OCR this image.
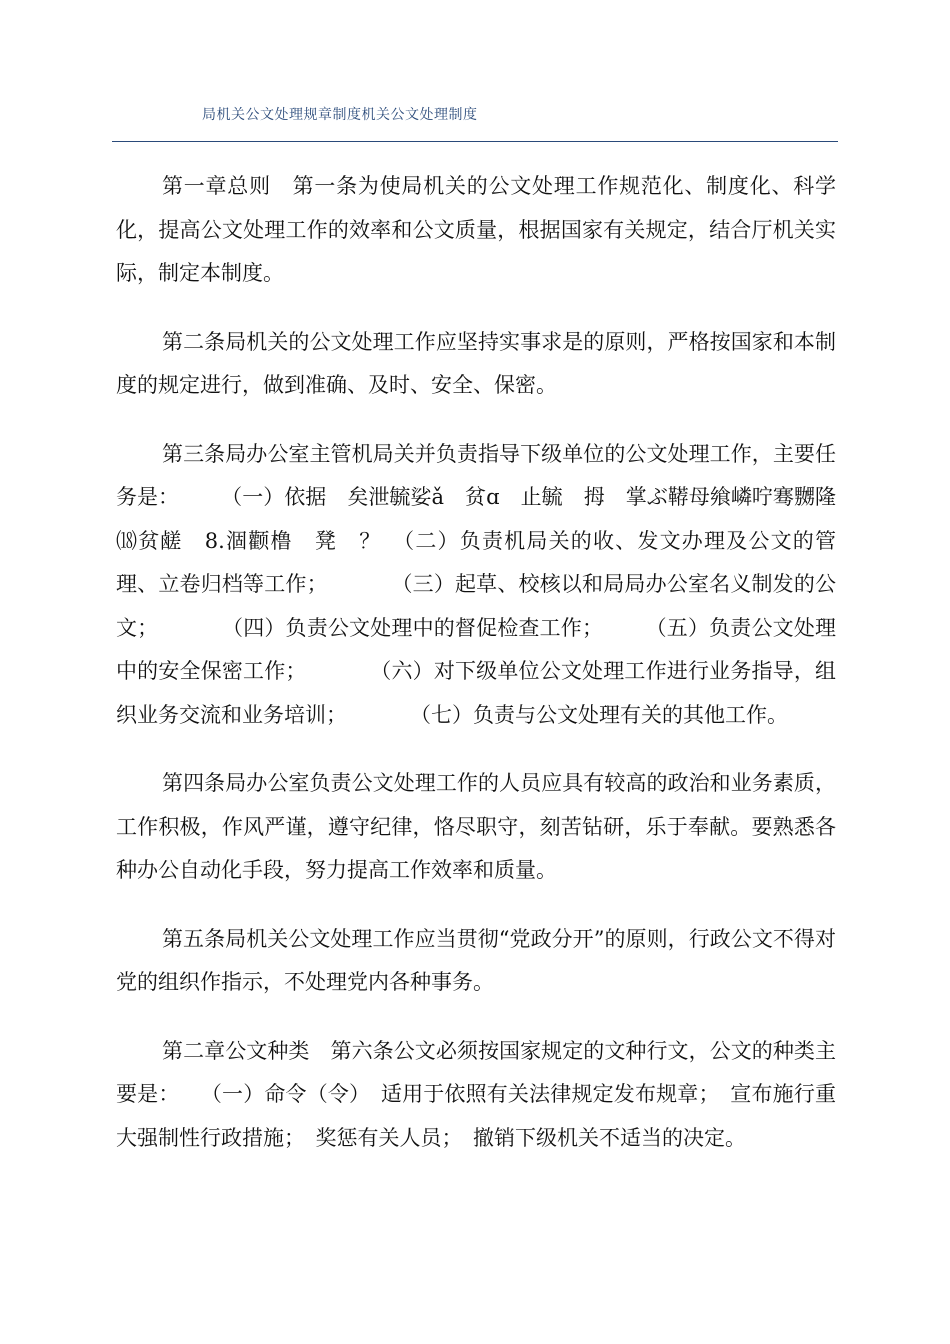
局机关公文处理规章制度机关公文处理制度

第一章总则　第一条为使局机关的公文处理工作规范化、制度化、科学化，提高公文处理工作的效率和公文质量，根据国家有关规定，结合厅机关实际，制定本制度。

第二条局机关的公文处理工作应坚持实事求是的原则，严格按国家和本制度的规定进行，做到准确、及时、安全、保密。

第三条局办公室主管机局关并负责指导下级单位的公文处理工作，主要任务是：　　　（一）依据　矣泄毓娑ǎ　贫ɑ　止毓　拇　掌ぶ鞯母飨嶙咛骞嬲隆⒅贫鹾　8.涸颧橹　凳　？　（二）负责机局关的收、发文办理及公文的管理、立卷归档等工作；　　　　（三）起草、校核以和局局办公室名义制发的公文；　　　　（四）负责公文处理中的督促检查工作；　　　（五）负责公文处理中的安全保密工作；　　　　（六）对下级单位公文处理工作进行业务指导，组织业务交流和业务培训；　　　　（七）负责与公文处理有关的其他工作。

第四条局办公室负责公文处理工作的人员应具有较高的政治和业务素质，工作积极，作风严谨，遵守纪律，恪尽职守，刻苦钻研，乐于奉献。要熟悉各种办公自动化手段，努力提高工作效率和质量。

第五条局机关公文处理工作应当贯彻“党政分开”的原则，行政公文不得对党的组织作指示，不处理党内各种事务。

第二章公文种类　第六条公文必须按国家规定的文种行文，公文的种类主要是：　　（一）命令（令）　适用于依照有关法律规定发布规章；　宣布施行重大强制性行政措施；　奖惩有关人员；　撤销下级机关不适当的决定。
